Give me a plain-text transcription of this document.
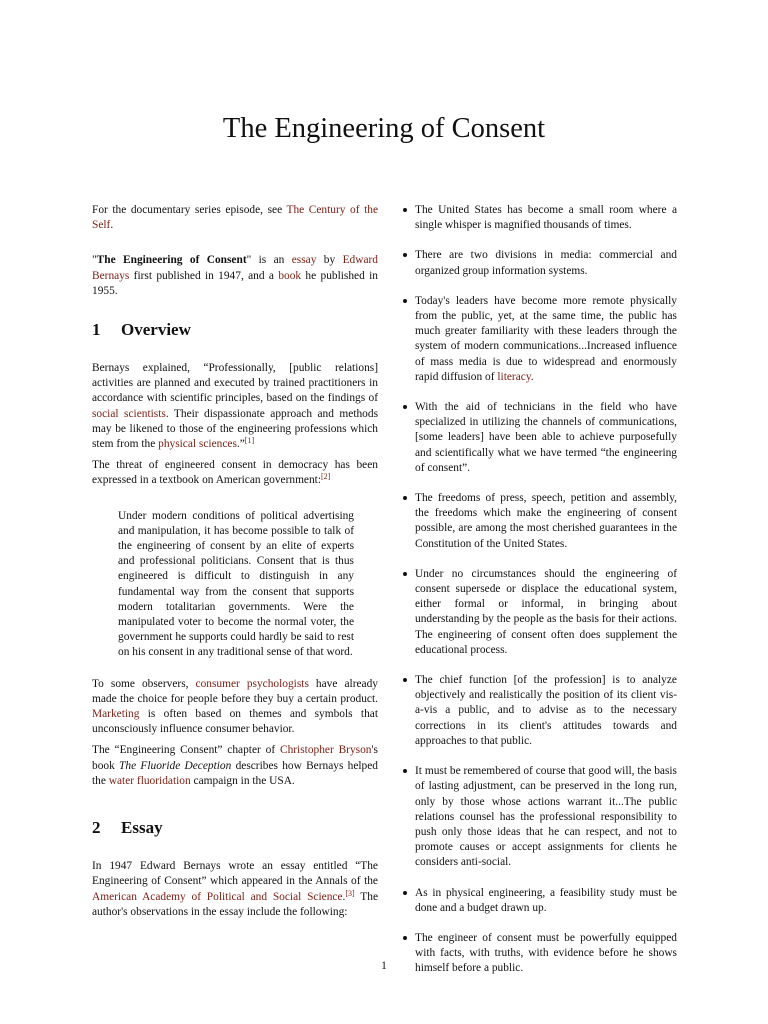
The Engineering of Consent

For the documentary series episode, see The Century of the Self.

"The Engineering of Consent" is an essay by Edward Bernays first published in 1947, and a book he published in 1955.

1 Overview

Bernays explained, “Professionally, [public relations] activities are planned and executed by trained practitioners in accordance with scientific principles, based on the findings of social scientists. Their dispassionate approach and methods may be likened to those of the engineering professions which stem from the physical sciences.”[1]

The threat of engineered consent in democracy has been expressed in a textbook on American government:[2]

Under modern conditions of political advertising and manipulation, it has become possible to talk of the engineering of consent by an elite of experts and professional politicians. Consent that is thus engineered is difficult to distinguish in any fundamental way from the consent that supports modern totalitarian governments. Were the manipulated voter to become the normal voter, the government he supports could hardly be said to rest on his consent in any traditional sense of that word.

To some observers, consumer psychologists have already made the choice for people before they buy a certain product. Marketing is often based on themes and symbols that unconsciously influence consumer behavior.

The “Engineering Consent” chapter of Christopher Bryson's book The Fluoride Deception describes how Bernays helped the water fluoridation campaign in the USA.

2 Essay

In 1947 Edward Bernays wrote an essay entitled “The Engineering of Consent” which appeared in the Annals of the American Academy of Political and Social Science.[3] The author's observations in the essay include the following:

The United States has become a small room where a single whisper is magnified thousands of times.
There are two divisions in media: commercial and organized group information systems.
Today's leaders have become more remote physically from the public, yet, at the same time, the public has much greater familiarity with these leaders through the system of modern communications...Increased influence of mass media is due to widespread and enormously rapid diffusion of literacy.
With the aid of technicians in the field who have specialized in utilizing the channels of communications, [some leaders] have been able to achieve purposefully and scientifically what we have termed “the engineering of consent”.
The freedoms of press, speech, petition and assembly, the freedoms which make the engineering of consent possible, are among the most cherished guarantees in the Constitution of the United States.
Under no circumstances should the engineering of consent supersede or displace the educational system, either formal or informal, in bringing about understanding by the people as the basis for their actions. The engineering of consent often does supplement the educational process.
The chief function [of the profession] is to analyze objectively and realistically the position of its client vis-a-vis a public, and to advise as to the necessary corrections in its client's attitudes towards and approaches to that public.
It must be remembered of course that good will, the basis of lasting adjustment, can be preserved in the long run, only by those whose actions warrant it...The public relations counsel has the professional responsibility to push only those ideas that he can respect, and not to promote causes or accept assignments for clients he considers anti-social.
As in physical engineering, a feasibility study must be done and a budget drawn up.
The engineer of consent must be powerfully equipped with facts, with truths, with evidence before he shows himself before a public.
1
